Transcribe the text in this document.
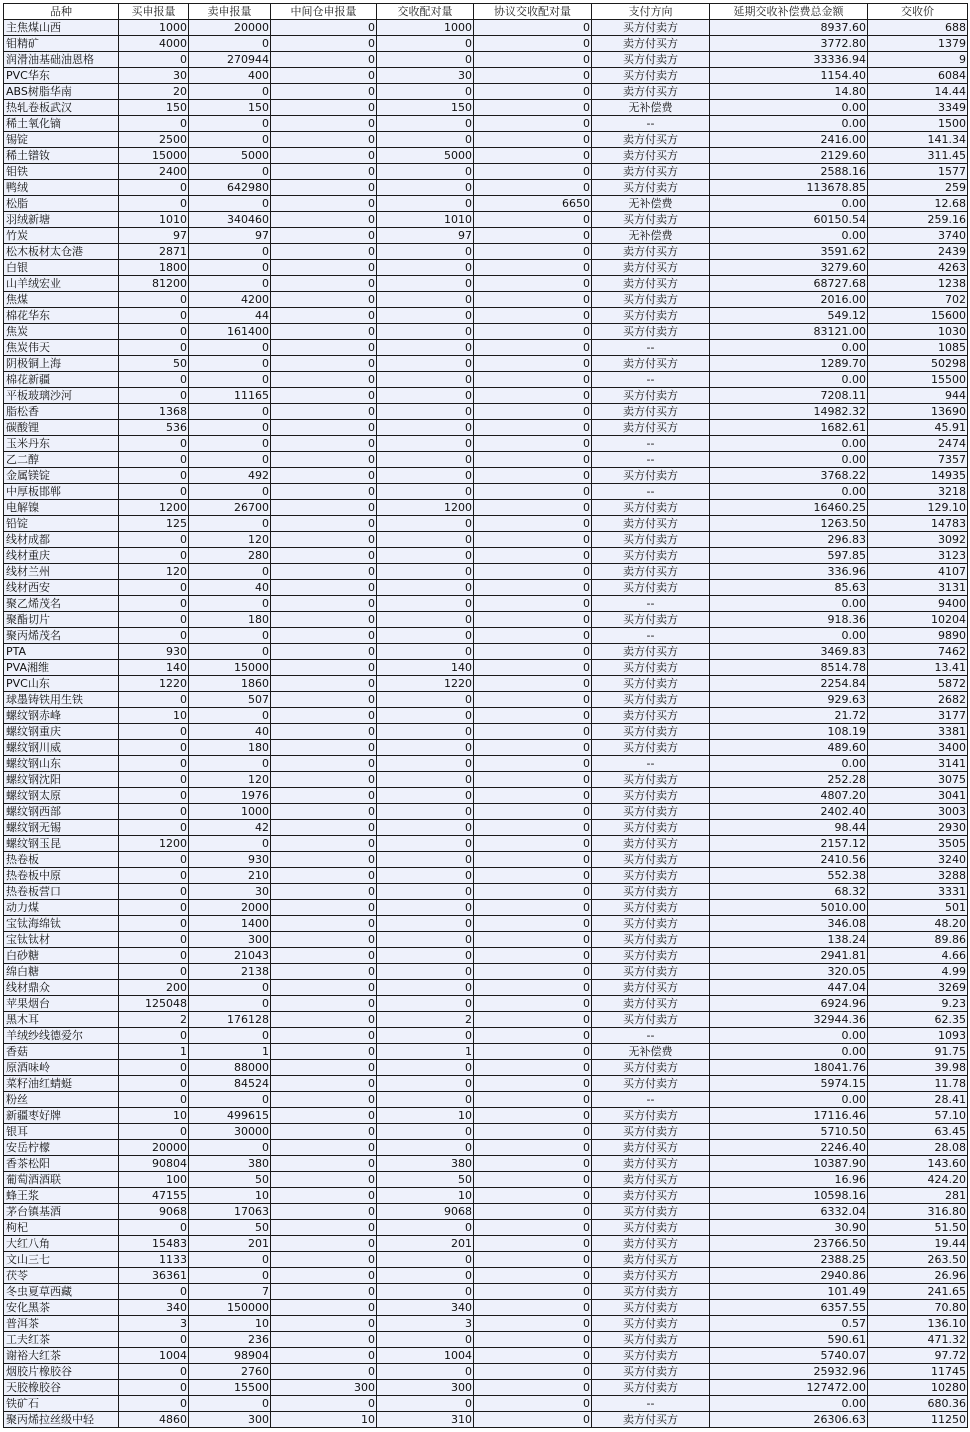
品种	买申报量	卖申报量	中间仓申报量	交收配对量	协议交收配对量	支付方向	延期交收补偿费总金额	交收价
主焦煤山西	1000	20000	0	1000	0	买方付卖方	8937.60	688
钼精矿	4000	0	0	0	0	卖方付买方	3772.80	1379
润滑油基础油恩格	0	270944	0	0	0	买方付卖方	33336.94	9
PVC华东	30	400	0	30	0	买方付卖方	1154.40	6084
ABS树脂华南	20	0	0	0	0	卖方付买方	14.80	14.44
热轧卷板武汉	150	150	0	150	0	无补偿费	0.00	3349
稀土氧化镝	0	0	0	0	0	--	0.00	1500
锡锭	2500	0	0	0	0	卖方付买方	2416.00	141.34
稀土镨钕	15000	5000	0	5000	0	卖方付买方	2129.60	311.45
钼铁	2400	0	0	0	0	卖方付买方	2588.16	1577
鸭绒	0	642980	0	0	0	买方付卖方	113678.85	259
松脂	0	0	0	0	6650	无补偿费	0.00	12.68
羽绒新塘	1010	340460	0	1010	0	买方付卖方	60150.54	259.16
竹炭	97	97	0	97	0	无补偿费	0.00	3740
松木板材太仓港	2871	0	0	0	0	卖方付买方	3591.62	2439
白银	1800	0	0	0	0	卖方付买方	3279.60	4263
山羊绒宏业	81200	0	0	0	0	卖方付买方	68727.68	1238
焦煤	0	4200	0	0	0	买方付卖方	2016.00	702
棉花华东	0	44	0	0	0	买方付卖方	549.12	15600
焦炭	0	161400	0	0	0	买方付卖方	83121.00	1030
焦炭伟天	0	0	0	0	0	--	0.00	1085
阴极铜上海	50	0	0	0	0	卖方付买方	1289.70	50298
棉花新疆	0	0	0	0	0	--	0.00	15500
平板玻璃沙河	0	11165	0	0	0	买方付卖方	7208.11	944
脂松香	1368	0	0	0	0	卖方付买方	14982.32	13690
碳酸锂	536	0	0	0	0	卖方付买方	1682.61	45.91
玉米丹东	0	0	0	0	0	--	0.00	2474
乙二醇	0	0	0	0	0	--	0.00	7357
金属镁锭	0	492	0	0	0	买方付卖方	3768.22	14935
中厚板邯郸	0	0	0	0	0	--	0.00	3218
电解镍	1200	26700	0	1200	0	买方付卖方	16460.25	129.10
铅锭	125	0	0	0	0	卖方付买方	1263.50	14783
线材成都	0	120	0	0	0	买方付卖方	296.83	3092
线材重庆	0	280	0	0	0	买方付卖方	597.85	3123
线材兰州	120	0	0	0	0	卖方付买方	336.96	4107
线材西安	0	40	0	0	0	买方付卖方	85.63	3131
聚乙烯茂名	0	0	0	0	0	--	0.00	9400
聚酯切片	0	180	0	0	0	买方付卖方	918.36	10204
聚丙烯茂名	0	0	0	0	0	--	0.00	9890
PTA	930	0	0	0	0	卖方付买方	3469.83	7462
PVA湘维	140	15000	0	140	0	买方付卖方	8514.78	13.41
PVC山东	1220	1860	0	1220	0	买方付卖方	2254.84	5872
球墨铸铁用生铁	0	507	0	0	0	买方付卖方	929.63	2682
螺纹钢赤峰	10	0	0	0	0	卖方付买方	21.72	3177
螺纹钢重庆	0	40	0	0	0	买方付卖方	108.19	3381
螺纹钢川威	0	180	0	0	0	买方付卖方	489.60	3400
螺纹钢山东	0	0	0	0	0	--	0.00	3141
螺纹钢沈阳	0	120	0	0	0	买方付卖方	252.28	3075
螺纹钢太原	0	1976	0	0	0	买方付卖方	4807.20	3041
螺纹钢西部	0	1000	0	0	0	买方付卖方	2402.40	3003
螺纹钢无锡	0	42	0	0	0	买方付卖方	98.44	2930
螺纹钢玉昆	1200	0	0	0	0	卖方付买方	2157.12	3505
热卷板	0	930	0	0	0	买方付卖方	2410.56	3240
热卷板中原	0	210	0	0	0	买方付卖方	552.38	3288
热卷板营口	0	30	0	0	0	买方付卖方	68.32	3331
动力煤	0	2000	0	0	0	买方付卖方	5010.00	501
宝钛海绵钛	0	1400	0	0	0	买方付卖方	346.08	48.20
宝钛钛材	0	300	0	0	0	买方付卖方	138.24	89.86
白砂糖	0	21043	0	0	0	买方付卖方	2941.81	4.66
绵白糖	0	2138	0	0	0	买方付卖方	320.05	4.99
线材鼎众	200	0	0	0	0	卖方付买方	447.04	3269
苹果烟台	125048	0	0	0	0	卖方付买方	6924.96	9.23
黑木耳	2	176128	0	2	0	买方付卖方	32944.36	62.35
羊绒纱线德爱尔	0	0	0	0	0	--	0.00	1093
香菇	1	1	0	1	0	无补偿费	0.00	91.75
原酒味岭	0	88000	0	0	0	买方付卖方	18041.76	39.98
菜籽油红蜻蜓	0	84524	0	0	0	买方付卖方	5974.15	11.78
粉丝	0	0	0	0	0	--	0.00	28.41
新疆枣好牌	10	499615	0	10	0	买方付卖方	17116.46	57.10
银耳	0	30000	0	0	0	买方付卖方	5710.50	63.45
安岳柠檬	20000	0	0	0	0	卖方付买方	2246.40	28.08
香茶松阳	90804	380	0	380	0	卖方付买方	10387.90	143.60
葡萄酒酒联	100	50	0	50	0	卖方付买方	16.96	424.20
蜂王浆	47155	10	0	10	0	卖方付买方	10598.16	281
茅台镇基酒	9068	17063	0	9068	0	买方付卖方	6332.04	316.80
枸杞	0	50	0	0	0	买方付卖方	30.90	51.50
大红八角	15483	201	0	201	0	卖方付买方	23766.50	19.44
文山三七	1133	0	0	0	0	卖方付买方	2388.25	263.50
茯苓	36361	0	0	0	0	卖方付买方	2940.86	26.96
冬虫夏草西藏	0	7	0	0	0	买方付卖方	101.49	241.65
安化黑茶	340	150000	0	340	0	买方付卖方	6357.55	70.80
普洱茶	3	10	0	3	0	买方付卖方	0.57	136.10
工夫红茶	0	236	0	0	0	买方付卖方	590.61	471.32
谢裕大红茶	1004	98904	0	1004	0	买方付卖方	5740.07	97.72
烟胶片橡胶谷	0	2760	0	0	0	买方付卖方	25932.96	11745
天胶橡胶谷	0	15500	300	300	0	买方付卖方	127472.00	10280
铁矿石	0	0	0	0	0	--	0.00	680.36
聚丙烯拉丝级中轻	4860	300	10	310	0	卖方付买方	26306.63	11250
